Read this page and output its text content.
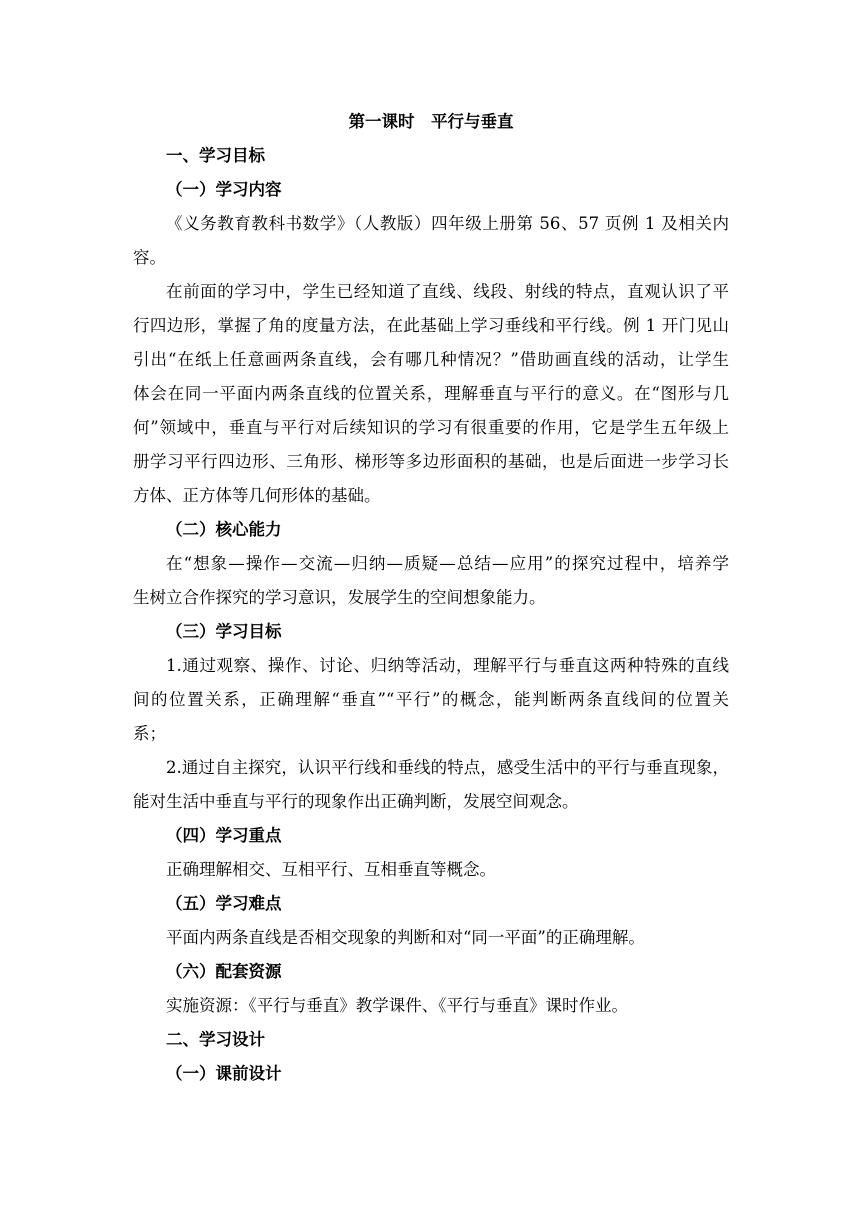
第一课时　平行与垂直
一、学习目标
（一）学习内容
《义务教育教科书数学》（人教版）四年级上册第 56、57 页例 1 及相关内
容。
在前面的学习中，学生已经知道了直线、线段、射线的特点，直观认识了平
行四边形，掌握了角的度量方法，在此基础上学习垂线和平行线。例 1 开门见山
引出“在纸上任意画两条直线，会有哪几种情况？”借助画直线的活动，让学生
体会在同一平面内两条直线的位置关系，理解垂直与平行的意义。在“图形与几
何”领域中，垂直与平行对后续知识的学习有很重要的作用，它是学生五年级上
册学习平行四边形、三角形、梯形等多边形面积的基础，也是后面进一步学习长
方体、正方体等几何形体的基础。
（二）核心能力
在“想象—操作—交流—归纳—质疑—总结—应用”的探究过程中，培养学
生树立合作探究的学习意识，发展学生的空间想象能力。
（三）学习目标
1.通过观察、操作、讨论、归纳等活动，理解平行与垂直这两种特殊的直线
间的位置关系，正确理解“垂直”“平行”的概念，能判断两条直线间的位置关
系；
2.通过自主探究，认识平行线和垂线的特点，感受生活中的平行与垂直现象，
能对生活中垂直与平行的现象作出正确判断，发展空间观念。
（四）学习重点
正确理解相交、互相平行、互相垂直等概念。
（五）学习难点
平面内两条直线是否相交现象的判断和对“同一平面”的正确理解。
（六）配套资源
实施资源：《平行与垂直》教学课件、《平行与垂直》课时作业。
二、学习设计
（一）课前设计
